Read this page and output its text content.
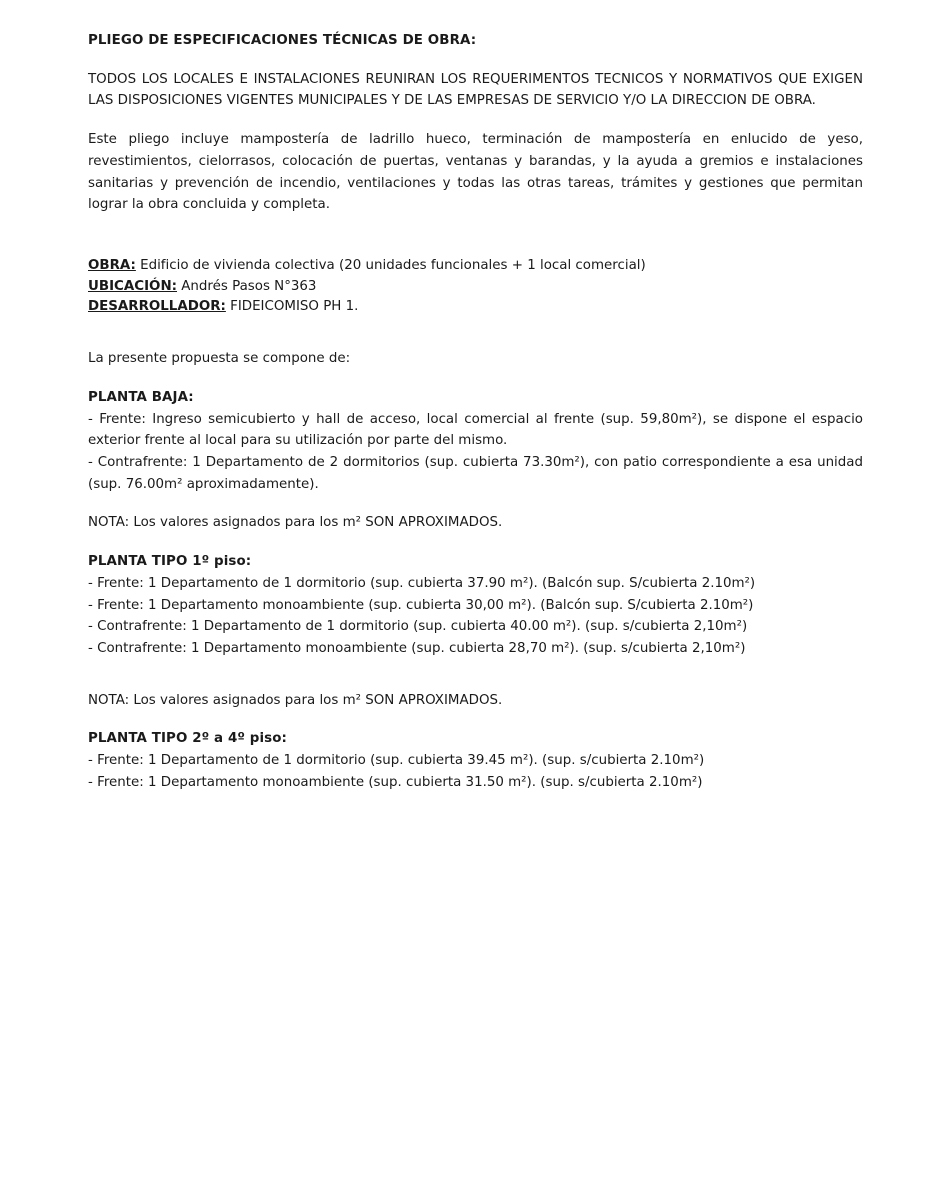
PLIEGO DE ESPECIFICACIONES TÉCNICAS DE OBRA:

TODOS LOS LOCALES E INSTALACIONES REUNIRAN LOS REQUERIMENTOS TECNICOS Y NORMATIVOS QUE EXIGEN LAS DISPOSICIONES VIGENTES MUNICIPALES Y DE LAS EMPRESAS DE SERVICIO Y/O LA DIRECCION DE OBRA.

Este pliego incluye mampostería de ladrillo hueco, terminación de mampostería en enlucido de yeso, revestimientos, cielorrasos, colocación de puertas, ventanas y barandas, y la ayuda a gremios e instalaciones sanitarias y prevención de incendio, ventilaciones y todas las otras tareas, trámites y gestiones que permitan lograr la obra concluida y completa.

OBRA: Edificio de vivienda colectiva (20 unidades funcionales + 1 local comercial)

UBICACIÓN: Andrés Pasos N°363

DESARROLLADOR: FIDEICOMISO PH 1.

La presente propuesta se compone de:

PLANTA BAJA:

- Frente: Ingreso semicubierto y hall de acceso, local comercial al frente (sup. 59,80m²), se dispone el espacio exterior frente al local para su utilización por parte del mismo.

- Contrafrente: 1 Departamento de 2 dormitorios (sup. cubierta 73.30m²), con patio correspondiente a esa unidad (sup. 76.00m² aproximadamente).

NOTA: Los valores asignados para los m² SON APROXIMADOS.

PLANTA TIPO 1º piso:

- Frente: 1 Departamento de 1 dormitorio (sup. cubierta 37.90 m²). (Balcón sup. S/cubierta 2.10m²)

- Frente: 1 Departamento monoambiente (sup. cubierta 30,00 m²). (Balcón sup. S/cubierta 2.10m²)

- Contrafrente: 1 Departamento de 1 dormitorio (sup. cubierta 40.00 m²). (sup. s/cubierta 2,10m²)

- Contrafrente: 1 Departamento monoambiente (sup. cubierta 28,70 m²). (sup. s/cubierta 2,10m²)

NOTA: Los valores asignados para los m² SON APROXIMADOS.

PLANTA TIPO 2º a 4º piso:

- Frente: 1 Departamento de 1 dormitorio (sup. cubierta 39.45 m²). (sup. s/cubierta 2.10m²)

- Frente: 1 Departamento monoambiente (sup. cubierta 31.50 m²). (sup. s/cubierta 2.10m²)
